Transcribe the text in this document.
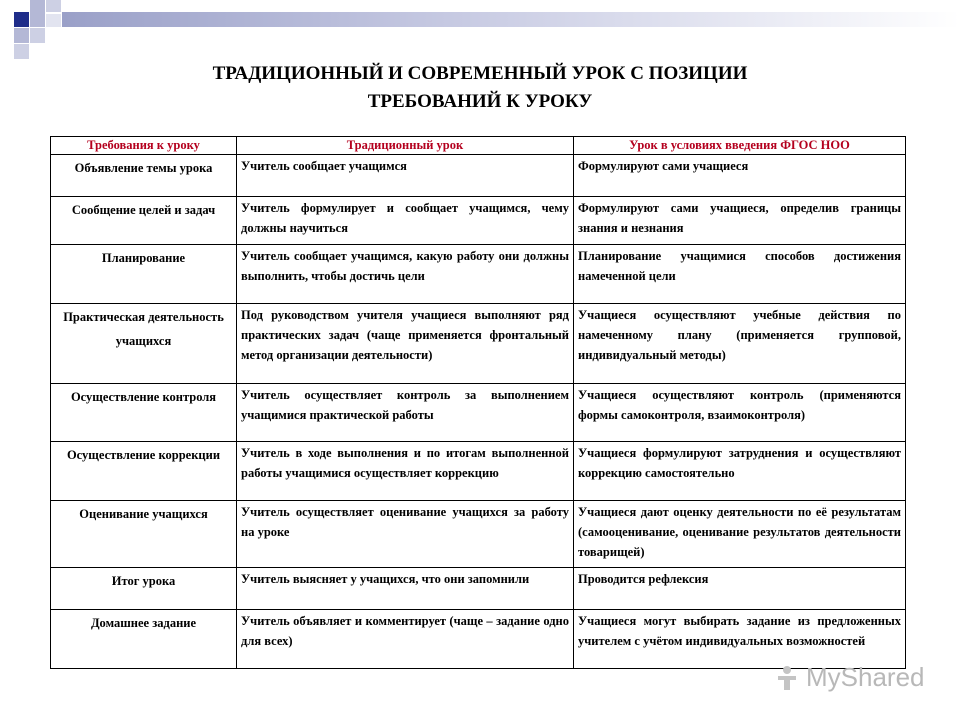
ТРАДИЦИОННЫЙ И СОВРЕМЕННЫЙ УРОК С ПОЗИЦИИ
ТРЕБОВАНИЙ К УРОКУ
Требования к уроку	Традиционный урок	Урок в условиях введения ФГОС НОО
Объявление темы урока	Учитель сообщает учащимся	Формулируют сами учащиеся
Сообщение целей и задач	Учитель формулирует и сообщает учащимся, чему должны научиться	Формулируют сами учащиеся, определив границы знания и незнания
Планирование	Учитель сообщает учащимся, какую работу они должны выполнить, чтобы достичь цели	Планирование учащимися способов достижения намеченной цели
Практическая деятельность учащихся	Под руководством учителя учащиеся выполняют ряд практических задач (чаще применяется фронтальный метод организации деятельности)	Учащиеся осуществляют учебные действия по намеченному плану (применяется групповой, индивидуальный методы)
Осуществление контроля	Учитель осуществляет контроль за выполнением учащимися практической работы	Учащиеся осуществляют контроль (применяются формы самоконтроля, взаимоконтроля)
Осуществление коррекции	Учитель в ходе выполнения и по итогам выполненной работы учащимися осуществляет коррекцию	Учащиеся формулируют затруднения и осуществляют коррекцию самостоятельно
Оценивание учащихся	Учитель осуществляет оценивание учащихся за работу на уроке	Учащиеся дают оценку деятельности по её результатам (самооценивание, оценивание результатов деятельности товарищей)
Итог урока	Учитель выясняет у учащихся, что они запомнили	Проводится рефлексия
Домашнее задание	Учитель объявляет и комментирует (чаще – задание одно для всех)	Учащиеся могут выбирать задание из предложенных учителем с учётом индивидуальных возможностей
MyShared
